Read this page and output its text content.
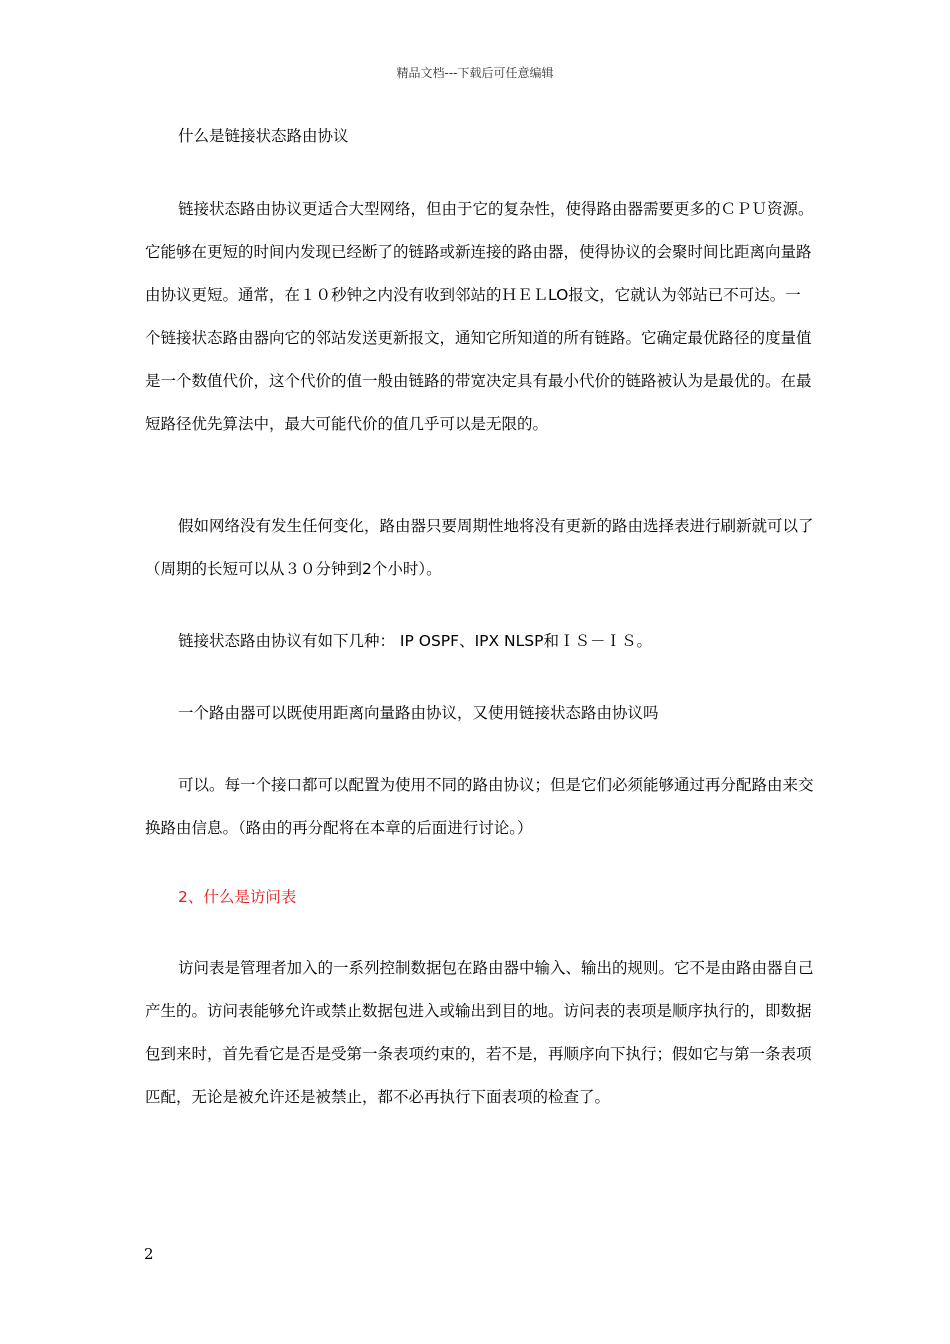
精品文档---下载后可任意编辑

什么是链接状态路由协议

链接状态路由协议更适合大型网络，但由于它的复杂性，使得路由器需要更多的ＣＰＵ资源。它能够在更短的时间内发现已经断了的链路或新连接的路由器，使得协议的会聚时间比距离向量路由协议更短。通常，在１０秒钟之内没有收到邻站的ＨＥＬLO报文，它就认为邻站已不可达。一个链接状态路由器向它的邻站发送更新报文，通知它所知道的所有链路。它确定最优路径的度量值是一个数值代价，这个代价的值一般由链路的带宽决定具有最小代价的链路被认为是最优的。在最短路径优先算法中，最大可能代价的值几乎可以是无限的。

假如网络没有发生任何变化，路由器只要周期性地将没有更新的路由选择表进行刷新就可以了（周期的长短可以从３０分钟到2个小时）。

链接状态路由协议有如下几种： IP OSPF、IPX NLSP和ＩＳ－ＩＳ。

一个路由器可以既使用距离向量路由协议，又使用链接状态路由协议吗

可以。每一个接口都可以配置为使用不同的路由协议；但是它们必须能够通过再分配路由来交换路由信息。（路由的再分配将在本章的后面进行讨论。）

2、什么是访问表

访问表是管理者加入的一系列控制数据包在路由器中输入、输出的规则。它不是由路由器自己产生的。访问表能够允许或禁止数据包进入或输出到目的地。访问表的表项是顺序执行的，即数据包到来时，首先看它是否是受第一条表项约束的，若不是，再顺序向下执行；假如它与第一条表项匹配，无论是被允许还是被禁止，都不必再执行下面表项的检查了。

2
